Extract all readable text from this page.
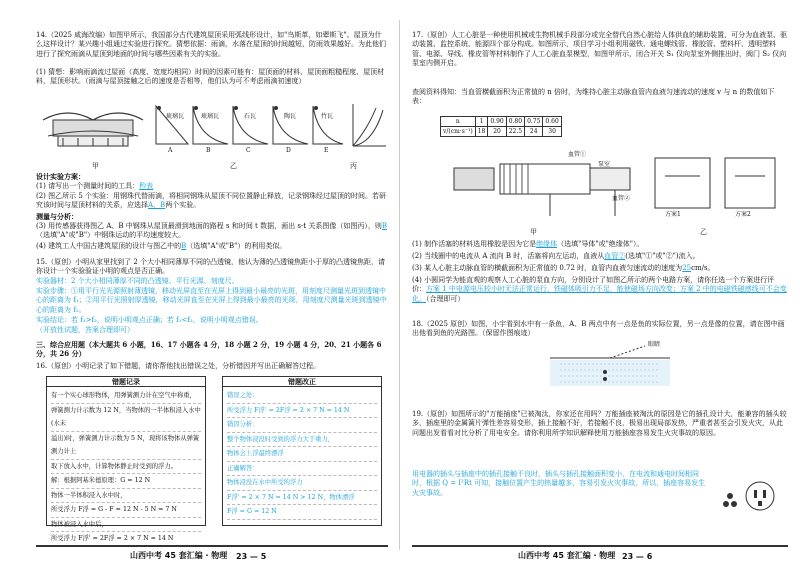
14.（2025 咸海改编）如图甲所示，我国部分古代建筑屋顶采用弧线形设计，如"鸟斯革，如翚斯飞"。屋顶为什么这样设计？某兴趣小组通过实验进行探究。猜想依据：雨滴，水落在屋顶的时间越短，防雨效果越好。为此他们进行了探究雨滴从屋顶到地面的时间与哪些因素有关的实验。
(1) 猜想：影响雨滴流过屋面（高度、宽度均相同）时间的因素可能有：屋顶面的材料、屋顶面粗糙程度、屋顶材料，屋顶形状。（雨滴与屋顶接触之后的速度是否相等，他们认为可不考虑雨滴初速度）
琉璃瓦	琉璃瓦	石瓦	陶瓦	竹瓦
A	B	C	D	E
甲	乙	丙
设计实验方案：
(1) 请写出一个测量时间的工具：秒表
(2) 图乙所示 5 个实验：用钢珠代替雨滴，将相同钢珠从屋顶不同位置静止释放，记录钢珠经过屋顶的时间。若研究该时间与屋顶材料的关系，应选择A、B两个实验。
测量与分析：
(3) 用传感器获得图乙 A、B 中钢珠从屋顶最滑到地面的路程 s 和时间 t 数据，画出 s-t 关系图像（如图丙），则B（选填"A"或"B"）中钢珠运动的平均速度较大。
(4) 建筑工人中国古建筑屋顶的设计与图乙中的B（选填"A"或"B"）的利用类似。
15.（原创）小明从家里找到了 2 个大小相同薄厚不同的凸透镜，他认为薄的凸透镜焦距小于厚的凸透镜焦距，请你设计一个实验验证小明的观点是否正确。
实验器材：2 个大小相同薄厚不同的凸透镜、平行光源、刻度尺。
实验步骤：①用平行光光源照射薄透镜，移动光屏直至在光屏上得到最小最亮的光斑，用刻度尺测量光斑到透镜中心的距离为 f₁；②用平行光照射厚透镜，移动光屏直至在光屏上得到最小最亮的光斑，用刻度尺测量光斑到透镜中心的距离为 f₂。
实验结论：若 f₁>f₂，说明小明观点正确；若 f₁<f₂，说明小明观点错误。
（开放性试题，答案合理即可）
三、综合应用题（本大题共 6 小题，16、17 小题各 4 分，18 小题 2 分，19 小题 4 分，20、21 小题各 6 分，共 26 分）
16.（原创）小明记录了如下错题，请你帮他找出错误之处，分析错因并写出正确解答过程。
错题记录
有一个实心球形物体，用弹簧测力计在空气中称重，
弹簧测力计示数为 12 N，当物体的一半体积浸入水中(水未
溢出)时，弹簧测力计示数为 5 N，现将该物体从弹簧测力计上
取下放入水中，计算物体静止时受到的浮力。
解：根据阿基米德原理：G = 12 N
物体一半体积浸入水中时，
所受浮力 F浮 = G - F = 12 N - 5 N = 7 N
物体被浸入水中后，
所受浮力 F浮' = 2F浮 = 2 × 7 N = 14 N
错题改正
错误之处：
所受浮力 F浮' = 2F浮 = 2 × 7 N = 14 N
错因分析：
整个物体浸没时受到的浮力大于重力，
物体会上浮最终漂浮
正确解答：
物体浸没在水中所受的浮力
F浮' = 2 × 7 N = 14 N > 12 N，物体漂浮
F浮 = G = 12 N
山西中考 45 套汇编 · 物理 23 — 5
17.（原创）人工心脏是一种使用机械或生物机械手段部分或完全替代自然心脏给人体供血的辅助装置，可分为血液泵、驱动装置、监控系统、能源四个部分构成。如图所示，项目学习小组利用磁铁、通电螺线管、橡胶管、塑料杆、透明塑料管、电源、导线、橡皮管等材料制作了人工心脏血泵模型，如图甲所示，闭合开关 S₁ 仅向泵室外侧推出时，阀门 S₂ 仅向泵室内侧开启。
查阅资料得知：当血管横截面积为正常值的 n 倍时，为维持心脏主动脉血管内血液匀速流动的速度 v 与 n 的数值如下表：
n	1	0.90	0.80	0.75	0.60
v/(cm·s⁻¹)	18	20	22.5	24	30
血管①
泵室
血管②
方案1	方案2
甲	乙
(1) 制作活塞的材料选用橡胶是因为它是绝缘体（选填"导体"或"绝缘体"）。
(2) 当线圈中的电流从 A 流向 B 时，活塞将向左运动，血液从血管②(选填"①"或"②")流入。
(3) 某人心脏主动脉血管的横截面积为正常值的 0.72 时，血管内血液匀速流动的速度为25cm/s。
(4) 小圆同学为能直观的观察人工心脏的泵血方向，分别设计了如图乙所示的两个电路方案，请你任选一个方案进行评价：方案 1 中电源电压较小时无法正常运行，铁磁体吸引力不足，能使磁场方向改变；方案 2 中的电磁铁磁感线可不会变化。（合理即可）
18.（2025 原创）如图，小宇看到水中有一条鱼，A、B 两点中有一点是鱼的实际位置，另一点是像的位置，请在图中画出他看到鱼的光路图。（保留作图痕迹）
眼睛
19.（原创）如图所示的"万能插座"已被淘汰，你家还在用吗？万能插座被淘汰的原因是它的插孔设计大，能兼容的插头较多，插座里的金属簧片弹性差容易变形，插上接触不好，若接触不良，极易出现局部发热，严重者甚至会引发火灾，从此问题出发看看对比分析了用电安全。请你利用所学知识解释使用万能插座容易发生火灾事故的原因。
用电器的插头与插座中的插孔接触不良时，插头与插孔接触面积变小，在电流和通电时间相同时，根据 Q = I²Rt 可知，接触位置产生的热量越多，容易引发火灾事故，所以，插座容易发生火灾事故。
山西中考 45 套汇编 · 物理 23 — 6
